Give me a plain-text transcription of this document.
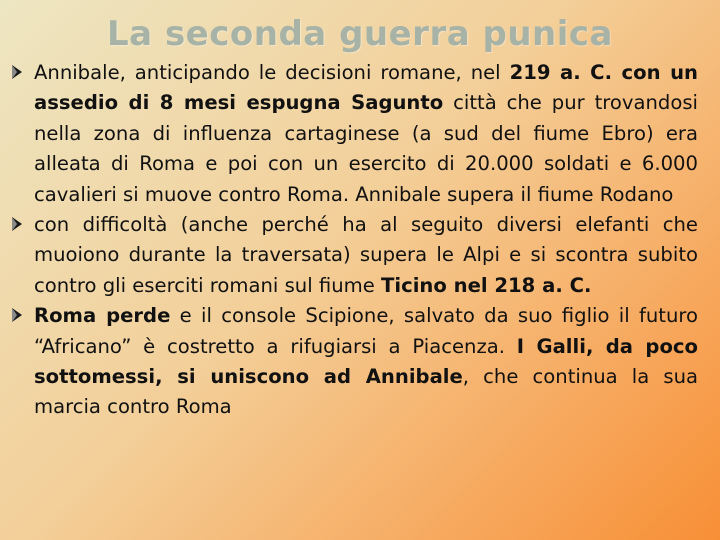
La seconda guerra punica
Annibale, anticipando le decisioni romane, nel 219 a. C. con un assedio di 8 mesi espugna Sagunto città che pur trovandosi nella zona di influenza cartaginese (a sud del fiume Ebro) era alleata di Roma e poi con un esercito di 20.000 soldati e 6.000 cavalieri si muove contro Roma. Annibale supera il fiume Rodano
con difficoltà (anche perché ha al seguito diversi elefanti che muoiono durante la traversata) supera le Alpi e si scontra subito contro gli eserciti romani sul fiume Ticino nel 218 a. C.
Roma perde e il console Scipione, salvato da suo figlio il futuro “Africano” è costretto a rifugiarsi a Piacenza. I Galli, da poco sottomessi, si uniscono ad Annibale, che continua la sua marcia contro Roma
